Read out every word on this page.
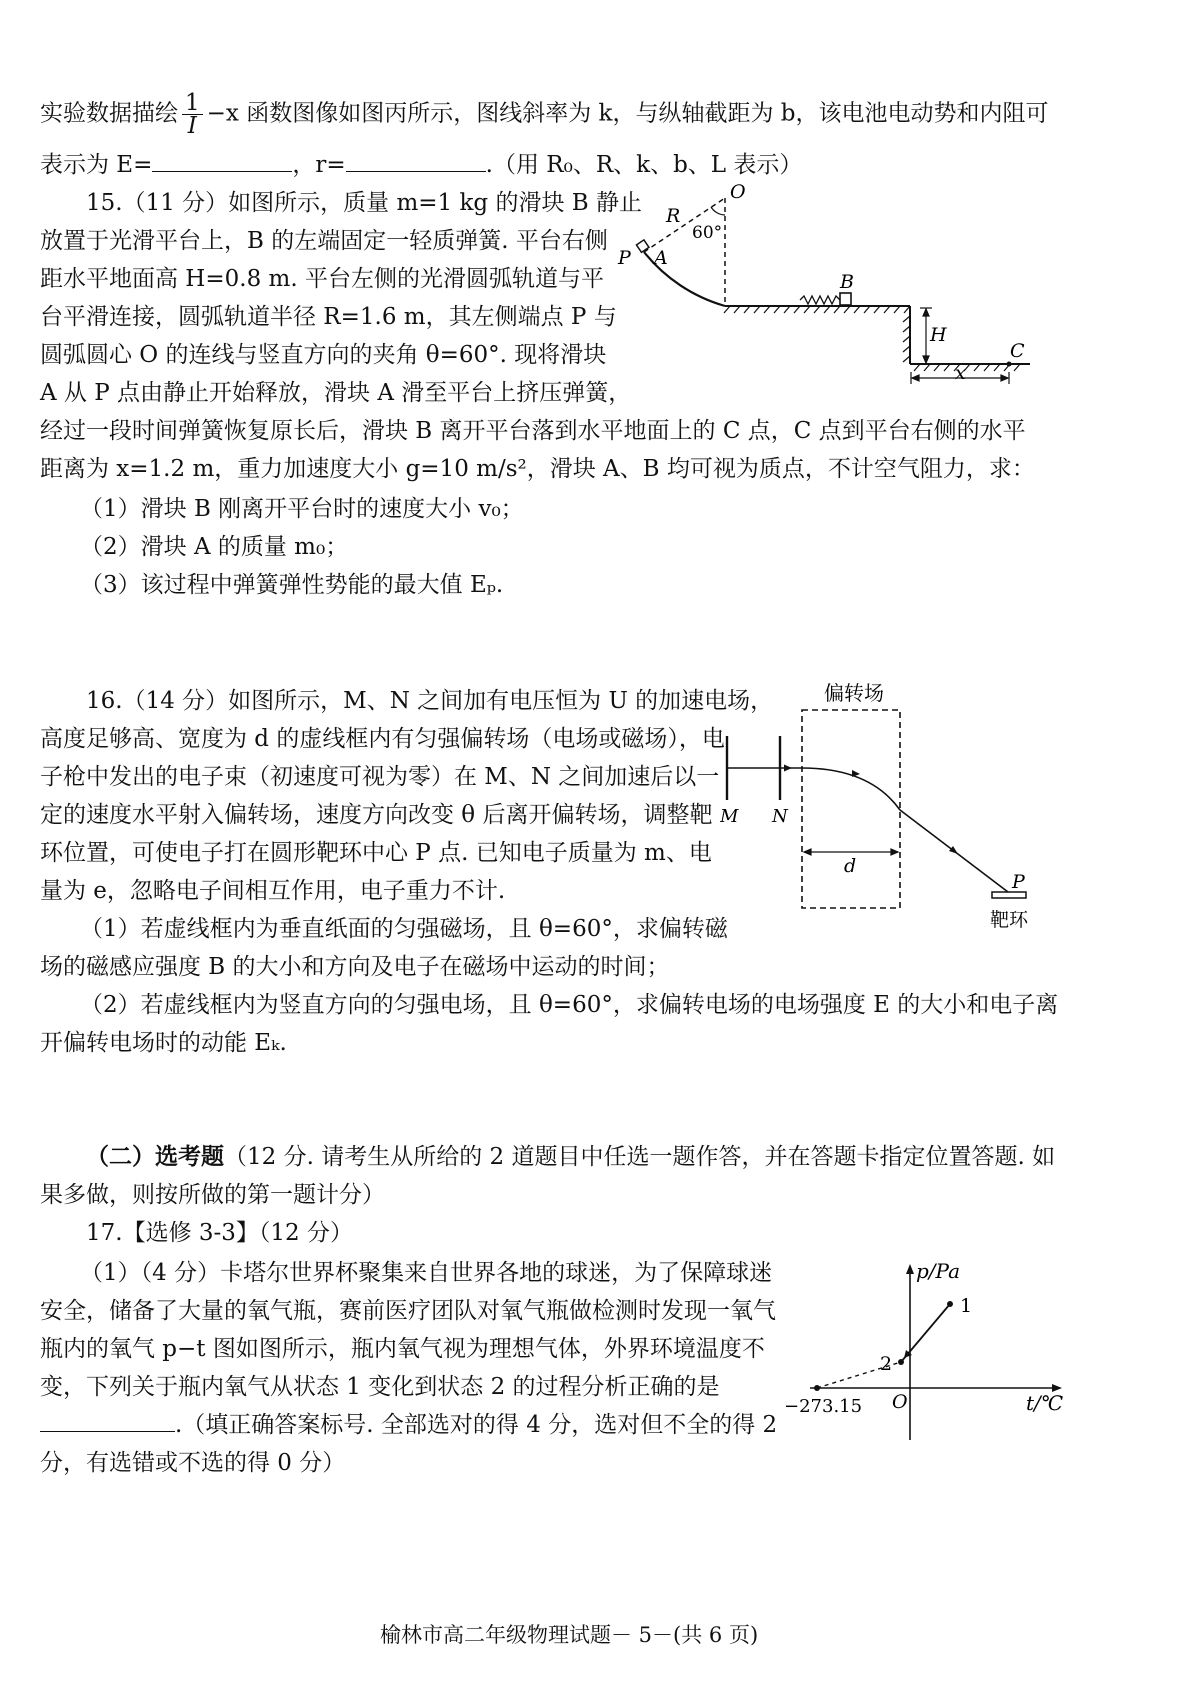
实验数据描绘 $\frac{1}{I} -x$ 函数图像如图丙所示，图线斜率为 k，与纵轴截距为 b，该电池电动势和内阻可
表示为 E=	，r=	.（用 R₀、R、k、b、L 表示）
15.（11 分）如图所示，质量 m=1 kg 的滑块 B 静止
放置于光滑平台上，B 的左端固定一轻质弹簧. 平台右侧
距水平地面高 H=0.8 m. 平台左侧的光滑圆弧轨道与平
台平滑连接，圆弧轨道半径 R=1.6 m，其左侧端点 P 与
圆弧圆心 O 的连线与竖直方向的夹角 θ=60°. 现将滑块
A 从 P 点由静止开始释放，滑块 A 滑至平台上挤压弹簧，
经过一段时间弹簧恢复原长后，滑块 B 离开平台落到水平地面上的 C 点，C 点到平台右侧的水平
距离为 x=1.2 m，重力加速度大小 g=10 m/s²，滑块 A、B 均可视为质点，不计空气阻力，求：
（1）滑块 B 刚离开平台时的速度大小 v₀；
（2）滑块 A 的质量 m₀；
（3）该过程中弹簧弹性势能的最大值 Eₚ.
O
R
60°
P A
B
H
C
x
16.（14 分）如图所示，M、N 之间加有电压恒为 U 的加速电场，
高度足够高、宽度为 d 的虚线框内有匀强偏转场（电场或磁场），电
子枪中发出的电子束（初速度可视为零）在 M、N 之间加速后以一
定的速度水平射入偏转场，速度方向改变 θ 后离开偏转场，调整靶
环位置，可使电子打在圆形靶环中心 P 点. 已知电子质量为 m、电
量为 e，忽略电子间相互作用，电子重力不计.
（1）若虚线框内为垂直纸面的匀强磁场，且 θ=60°，求偏转磁
场的磁感应强度 B 的大小和方向及电子在磁场中运动的时间；
（2）若虚线框内为竖直方向的匀强电场，且 θ=60°，求偏转电场的电场强度 E 的大小和电子离
开偏转电场时的动能 Eₖ.
偏转场
M N
d
P
靶环
（二）选考题（12 分. 请考生从所给的 2 道题目中任选一题作答，并在答题卡指定位置答题. 如
果多做，则按所做的第一题计分）
17.【选修 3-3】（12 分）
（1）（4 分）卡塔尔世界杯聚集来自世界各地的球迷，为了保障球迷
安全，储备了大量的氧气瓶，赛前医疗团队对氧气瓶做检测时发现一氧气
瓶内的氧气 p−t 图如图所示，瓶内氧气视为理想气体，外界环境温度不
变，下列关于瓶内氧气从状态 1 变化到状态 2 的过程分析正确的是
.（填正确答案标号. 全部选对的得 4 分，选对但不全的得 2
分，有选错或不选的得 0 分）
p/Pa
t/℃
O
−273.15
1
2
榆林市高二年级物理试题－ 5－(共 6 页)
